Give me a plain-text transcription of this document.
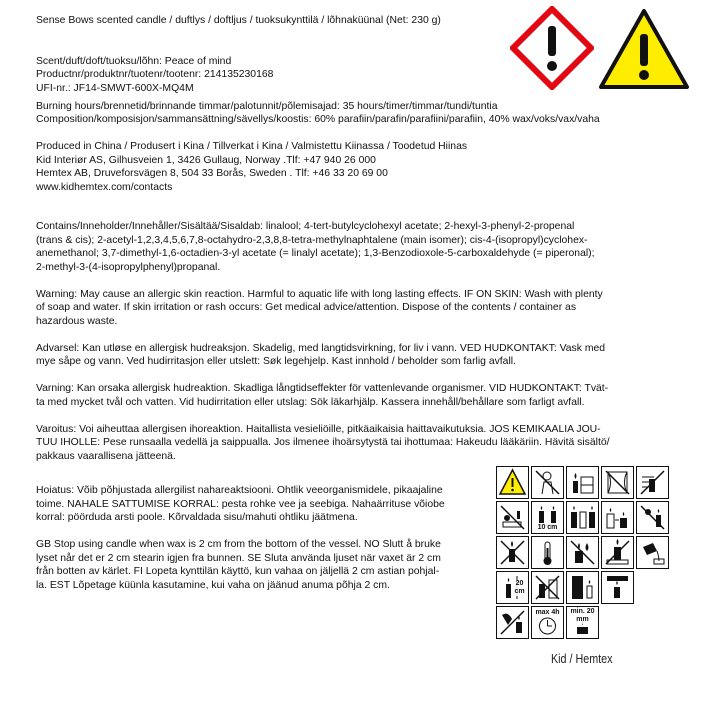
Sense Bows scented candle / duftlys / doftljus / tuoksukynttilä / lõhnaküünal (Net: 230 g)

Scent/duft/doft/tuoksu/lõhn: Peace of mind

Productnr/produktnr/tuotenr/tootenr: 214135230168

UFI-nr.: JF14-SMWT-600X-MQ4M

Burning hours/brennetid/brinnande timmar/palotunnit/põlemisajad: 35 hours/timer/timmar/tundi/tuntia

Composition/komposisjon/sammansättning/sävellys/koostis: 60% parafiin/parafin/parafiini/parafiin, 40% wax/voks/vax/vaha

Produced in China / Produsert i Kina / Tillverkat i Kina / Valmistettu Kiinassa / Toodetud Hiinas

Kid Interiør AS, Gilhusveien 1, 3426 Gullaug, Norway .Tlf: +47 940 26 000

Hemtex AB, Druveforsvägen 8, 504 33 Borås, Sweden . Tlf: +46 33 20 69 00

www.kidhemtex.com/contacts

Contains/Inneholder/Innehåller/Sisältää/Sisaldab: linalool; 4-tert-butylcyclohexyl acetate; 2-hexyl-3-phenyl-2-propenal
(trans & cis); 2-acetyl-1,2,3,4,5,6,7,8-octahydro-2,3,8,8-tetra-methylnaphtalene (main isomer); cis-4-(isopropyl)cyclohex-
anemethanol; 3,7-dimethyl-1,6-octadien-3-yl acetate (= linalyl acetate); 1,3-Benzodioxole-5-carboxaldehyde (= piperonal);
2-methyl-3-(4-isopropylphenyl)propanal.

Warning: May cause an allergic skin reaction. Harmful to aquatic life with long lasting effects. IF ON SKIN: Wash with plenty
of soap and water. If skin irritation or rash occurs: Get medical advice/attention. Dispose of the contents / container as
hazardous waste.

Advarsel: Kan utløse en allergisk hudreaksjon. Skadelig, med langtidsvirkning, for liv i vann. VED HUDKONTAKT: Vask med
mye såpe og vann. Ved hudirritasjon eller utslett: Søk legehjelp. Kast innhold / beholder som farlig avfall.

Varning: Kan orsaka allergisk hudreaktion. Skadliga långtidseffekter för vattenlevande organismer. VID HUDKONTAKT: Tvät-
ta med mycket tvål och vatten. Vid hudirritation eller utslag: Sök läkarhjälp. Kassera innehåll/behållare som farligt avfall.

Varoitus: Voi aiheuttaa allergisen ihoreaktion. Haitallista vesieliöille, pitkäaikaisia haittavaikutuksia. JOS KEMIKAALIA JOU-
TUU IHOLLE: Pese runsaalla vedellä ja saippualla. Jos ilmenee ihoärsytystä tai ihottumaa: Hakeudu lääkäriin. Hävitä sisältö/
pakkaus vaarallisena jätteenä.

Hoiatus: Võib põhjustada allergilist nahareaktsiooni. Ohtlik veeorganismidele, pikaajaline
toime. NAHALE SATTUMISE KORRAL: pesta rohke vee ja seebiga. Nahaärrituse võiobe
korral: pöörduda arsti poole. Kõrvaldada sisu/mahuti ohtliku jäätmena.

GB Stop using candle when wax is 2 cm from the bottom of the vessel. NO Slutt å bruke
lyset når det er 2 cm stearin igjen fra bunnen. SE Sluta använda ljuset när vaxet är 2 cm
från botten av kärlet. FI Lopeta kynttilän käyttö, kun vahaa on jäljellä 2 cm astian pohjal-
la. EST Lõpetage küünla kasutamine, kui vaha on jäänud anuma põhja 2 cm.

10 cm
20 cm
max 4h	min. 20 mm
Kid / Hemtex
